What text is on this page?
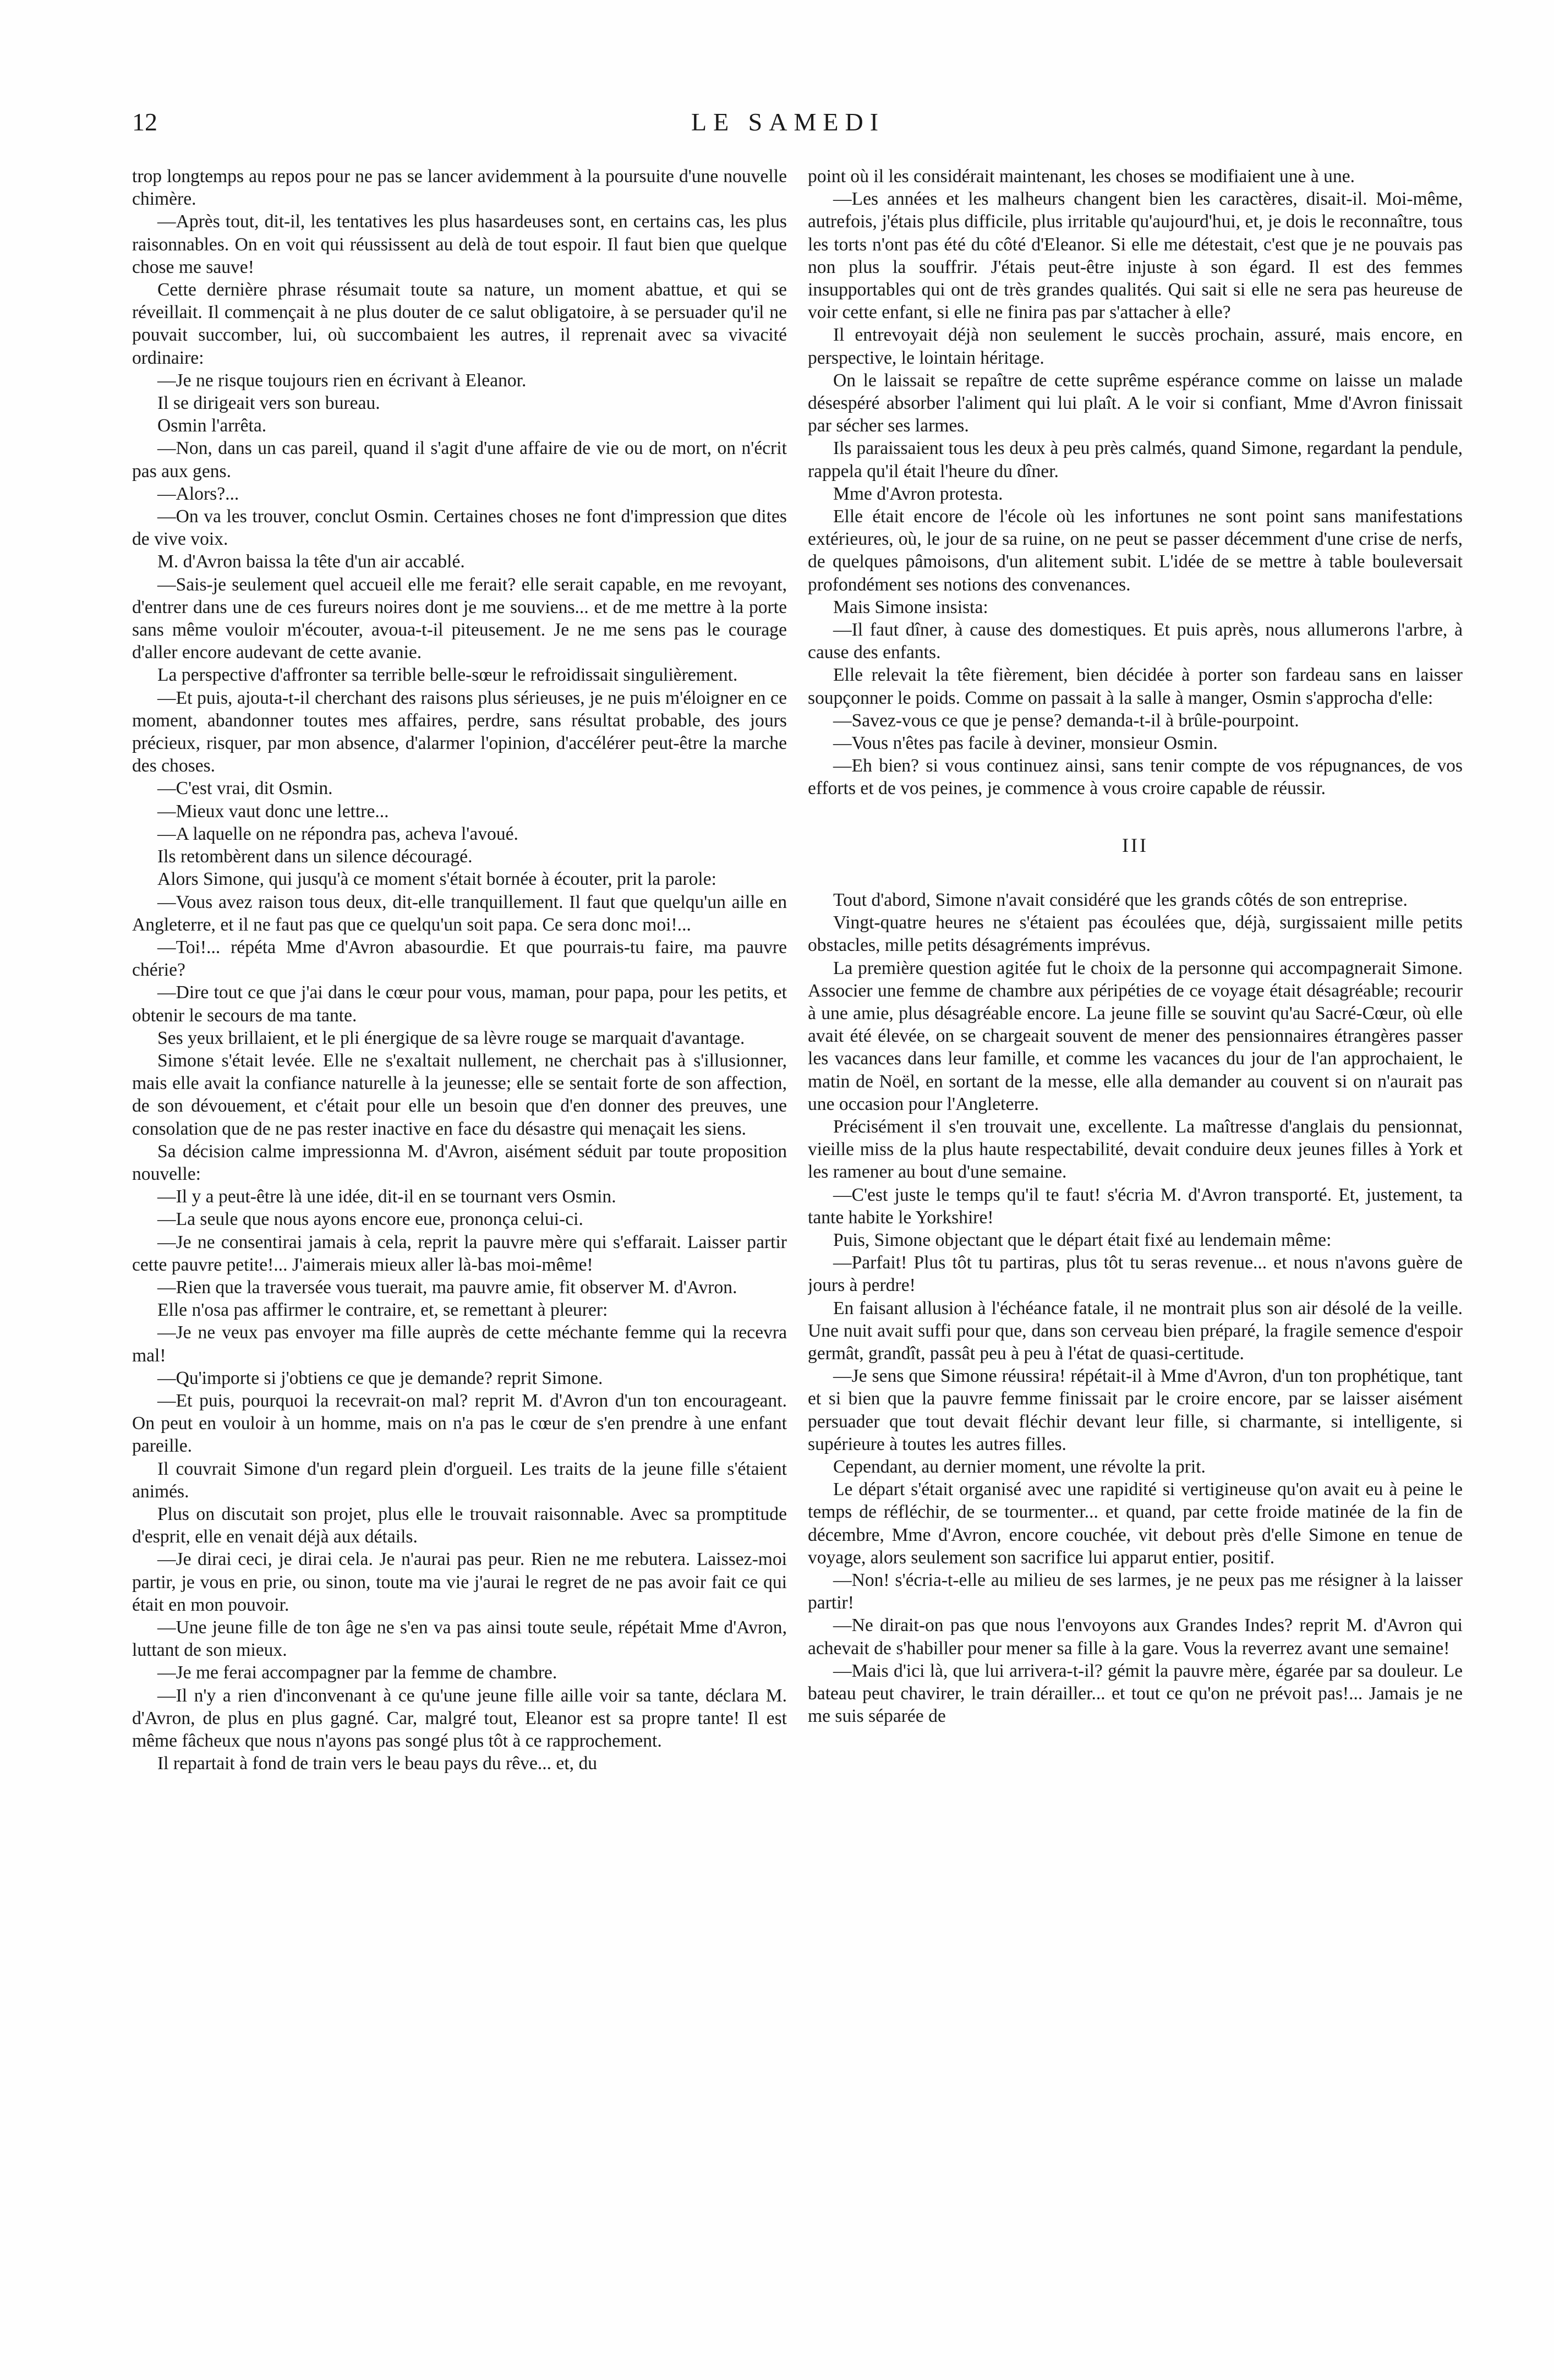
12	LE SAMEDI

trop longtemps au repos pour ne pas se lancer avidemment à la poursuite d'une nouvelle chimère.

—Après tout, dit-il, les tentatives les plus hasardeuses sont, en certains cas, les plus raisonnables. On en voit qui réussissent au delà de tout espoir. Il faut bien que quelque chose me sauve!

Cette dernière phrase résumait toute sa nature, un moment abattue, et qui se réveillait. Il commençait à ne plus douter de ce salut obligatoire, à se persuader qu'il ne pouvait succomber, lui, où succombaient les autres, il reprenait avec sa vivacité ordinaire:

—Je ne risque toujours rien en écrivant à Eleanor.

Il se dirigeait vers son bureau.

Osmin l'arrêta.

—Non, dans un cas pareil, quand il s'agit d'une affaire de vie ou de mort, on n'écrit pas aux gens.

—Alors?...

—On va les trouver, conclut Osmin. Certaines choses ne font d'impression que dites de vive voix.

M. d'Avron baissa la tête d'un air accablé.

—Sais-je seulement quel accueil elle me ferait? elle serait capable, en me revoyant, d'entrer dans une de ces fureurs noires dont je me souviens... et de me mettre à la porte sans même vouloir m'écouter, avoua-t-il piteusement. Je ne me sens pas le courage d'aller encore audevant de cette avanie.

La perspective d'affronter sa terrible belle-sœur le refroidissait singulièrement.

—Et puis, ajouta-t-il cherchant des raisons plus sérieuses, je ne puis m'éloigner en ce moment, abandonner toutes mes affaires, perdre, sans résultat probable, des jours précieux, risquer, par mon absence, d'alarmer l'opinion, d'accélérer peut-être la marche des choses.

—C'est vrai, dit Osmin.

—Mieux vaut donc une lettre...

—A laquelle on ne répondra pas, acheva l'avoué.

Ils retombèrent dans un silence découragé.

Alors Simone, qui jusqu'à ce moment s'était bornée à écouter, prit la parole:

—Vous avez raison tous deux, dit-elle tranquillement. Il faut que quelqu'un aille en Angleterre, et il ne faut pas que ce quelqu'un soit papa. Ce sera donc moi!...

—Toi!... répéta Mme d'Avron abasourdie. Et que pourrais-tu faire, ma pauvre chérie?

—Dire tout ce que j'ai dans le cœur pour vous, maman, pour papa, pour les petits, et obtenir le secours de ma tante.

Ses yeux brillaient, et le pli énergique de sa lèvre rouge se marquait d'avantage.

Simone s'était levée. Elle ne s'exaltait nullement, ne cherchait pas à s'illusionner, mais elle avait la confiance naturelle à la jeunesse; elle se sentait forte de son affection, de son dévouement, et c'était pour elle un besoin que d'en donner des preuves, une consolation que de ne pas rester inactive en face du désastre qui menaçait les siens.

Sa décision calme impressionna M. d'Avron, aisément séduit par toute proposition nouvelle:

—Il y a peut-être là une idée, dit-il en se tournant vers Osmin.

—La seule que nous ayons encore eue, prononça celui-ci.

—Je ne consentirai jamais à cela, reprit la pauvre mère qui s'effarait. Laisser partir cette pauvre petite!... J'aimerais mieux aller là-bas moi-même!

—Rien que la traversée vous tuerait, ma pauvre amie, fit observer M. d'Avron.

Elle n'osa pas affirmer le contraire, et, se remettant à pleurer:

—Je ne veux pas envoyer ma fille auprès de cette méchante femme qui la recevra mal!

—Qu'importe si j'obtiens ce que je demande? reprit Simone.

—Et puis, pourquoi la recevrait-on mal? reprit M. d'Avron d'un ton encourageant. On peut en vouloir à un homme, mais on n'a pas le cœur de s'en prendre à une enfant pareille.

Il couvrait Simone d'un regard plein d'orgueil. Les traits de la jeune fille s'étaient animés.

Plus on discutait son projet, plus elle le trouvait raisonnable. Avec sa promptitude d'esprit, elle en venait déjà aux détails.

—Je dirai ceci, je dirai cela. Je n'aurai pas peur. Rien ne me rebutera. Laissez-moi partir, je vous en prie, ou sinon, toute ma vie j'aurai le regret de ne pas avoir fait ce qui était en mon pouvoir.

—Une jeune fille de ton âge ne s'en va pas ainsi toute seule, répétait Mme d'Avron, luttant de son mieux.

—Je me ferai accompagner par la femme de chambre.

—Il n'y a rien d'inconvenant à ce qu'une jeune fille aille voir sa tante, déclara M. d'Avron, de plus en plus gagné. Car, malgré tout, Eleanor est sa propre tante! Il est même fâcheux que nous n'ayons pas songé plus tôt à ce rapprochement.

Il repartait à fond de train vers le beau pays du rêve... et, du

point où il les considérait maintenant, les choses se modifiaient une à une.

—Les années et les malheurs changent bien les caractères, disait-il. Moi-même, autrefois, j'étais plus difficile, plus irritable qu'aujourd'hui, et, je dois le reconnaître, tous les torts n'ont pas été du côté d'Eleanor. Si elle me détestait, c'est que je ne pouvais pas non plus la souffrir. J'étais peut-être injuste à son égard. Il est des femmes insupportables qui ont de très grandes qualités. Qui sait si elle ne sera pas heureuse de voir cette enfant, si elle ne finira pas par s'attacher à elle?

Il entrevoyait déjà non seulement le succès prochain, assuré, mais encore, en perspective, le lointain héritage.

On le laissait se repaître de cette suprême espérance comme on laisse un malade désespéré absorber l'aliment qui lui plaît. A le voir si confiant, Mme d'Avron finissait par sécher ses larmes.

Ils paraissaient tous les deux à peu près calmés, quand Simone, regardant la pendule, rappela qu'il était l'heure du dîner.

Mme d'Avron protesta.

Elle était encore de l'école où les infortunes ne sont point sans manifestations extérieures, où, le jour de sa ruine, on ne peut se passer décemment d'une crise de nerfs, de quelques pâmoisons, d'un alitement subit. L'idée de se mettre à table bouleversait profondément ses notions des convenances.

Mais Simone insista:

—Il faut dîner, à cause des domestiques. Et puis après, nous allumerons l'arbre, à cause des enfants.

Elle relevait la tête fièrement, bien décidée à porter son fardeau sans en laisser soupçonner le poids. Comme on passait à la salle à manger, Osmin s'approcha d'elle:

—Savez-vous ce que je pense? demanda-t-il à brûle-pourpoint.

—Vous n'êtes pas facile à deviner, monsieur Osmin.

—Eh bien? si vous continuez ainsi, sans tenir compte de vos répugnances, de vos efforts et de vos peines, je commence à vous croire capable de réussir.

III

Tout d'abord, Simone n'avait considéré que les grands côtés de son entreprise.

Vingt-quatre heures ne s'étaient pas écoulées que, déjà, surgissaient mille petits obstacles, mille petits désagréments imprévus.

La première question agitée fut le choix de la personne qui accompagnerait Simone. Associer une femme de chambre aux péripéties de ce voyage était désagréable; recourir à une amie, plus désagréable encore. La jeune fille se souvint qu'au Sacré-Cœur, où elle avait été élevée, on se chargeait souvent de mener des pensionnaires étrangères passer les vacances dans leur famille, et comme les vacances du jour de l'an approchaient, le matin de Noël, en sortant de la messe, elle alla demander au couvent si on n'aurait pas une occasion pour l'Angleterre.

Précisément il s'en trouvait une, excellente. La maîtresse d'anglais du pensionnat, vieille miss de la plus haute respectabilité, devait conduire deux jeunes filles à York et les ramener au bout d'une semaine.

—C'est juste le temps qu'il te faut! s'écria M. d'Avron transporté. Et, justement, ta tante habite le Yorkshire!

Puis, Simone objectant que le départ était fixé au lendemain même:

—Parfait! Plus tôt tu partiras, plus tôt tu seras revenue... et nous n'avons guère de jours à perdre!

En faisant allusion à l'échéance fatale, il ne montrait plus son air désolé de la veille. Une nuit avait suffi pour que, dans son cerveau bien préparé, la fragile semence d'espoir germât, grandît, passât peu à peu à l'état de quasi-certitude.

—Je sens que Simone réussira! répétait-il à Mme d'Avron, d'un ton prophétique, tant et si bien que la pauvre femme finissait par le croire encore, par se laisser aisément persuader que tout devait fléchir devant leur fille, si charmante, si intelligente, si supérieure à toutes les autres filles.

Cependant, au dernier moment, une révolte la prit.

Le départ s'était organisé avec une rapidité si vertigineuse qu'on avait eu à peine le temps de réfléchir, de se tourmenter... et quand, par cette froide matinée de la fin de décembre, Mme d'Avron, encore couchée, vit debout près d'elle Simone en tenue de voyage, alors seulement son sacrifice lui apparut entier, positif.

—Non! s'écria-t-elle au milieu de ses larmes, je ne peux pas me résigner à la laisser partir!

—Ne dirait-on pas que nous l'envoyons aux Grandes Indes? reprit M. d'Avron qui achevait de s'habiller pour mener sa fille à la gare. Vous la reverrez avant une semaine!

—Mais d'ici là, que lui arrivera-t-il? gémit la pauvre mère, égarée par sa douleur. Le bateau peut chavirer, le train dérailler... et tout ce qu'on ne prévoit pas!... Jamais je ne me suis séparée de
